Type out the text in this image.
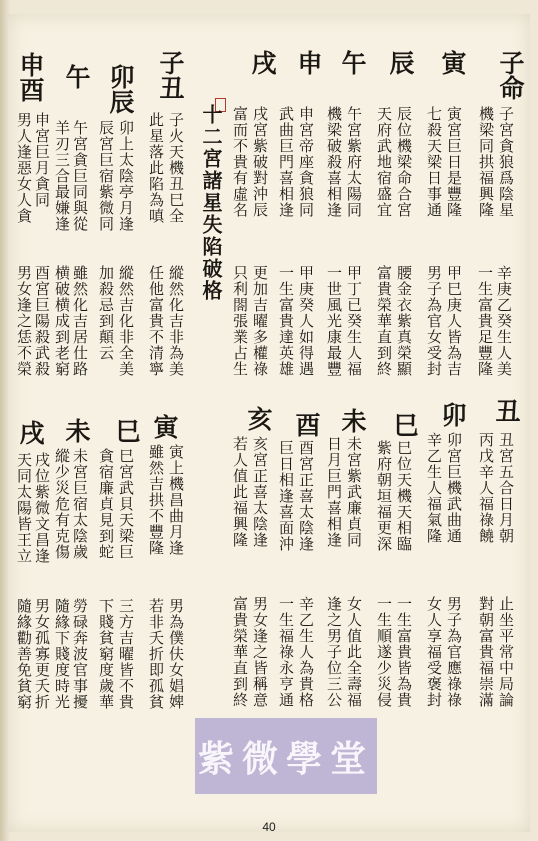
子命
子宮貪狼爲陰星
機梁同拱福興隆
辛庚乙癸生人美
一生富貴足豐隆
寅
寅宮巨日是豐隆
七殺天梁日事通
甲巳庚人皆為吉
男子為官女受封
辰
辰位機梁命合宮
天府武地宿盛宜
腰金衣紫真榮顯
富貴榮華直到終
午
午宮紫府太陽同
機梁破殺喜相逢
甲丁已癸生人福
一世風光康最豐
申
申宮帝座貪狼同
武曲巨門喜相逢
甲庚癸人如得遇
一生富貴達英雄
戌
戌宮紫破對沖辰
富而不貴有虛名
更加吉曜多權祿
只利閤張業占生
十二宮諸星失陷破格
子丑
子火天機丑巳全
此星落此陷為嗔
縱然化吉非為美
任他富貴不清寧
卯辰
卯上太陰亭月逢
辰宮巨宿紫微同
縱然吉化非全美
加殺忌到顛云
午
午宮貪巨同與從
羊刃三合最嫌逢
雖然化吉居仕路
横破横成到老窮
申酉
申宮巨月貪同
男人逢惡女人貪
酉宮巨陽殺武殺
男女逢之恁不榮
丑
丑宮五合日月朝
丙戊辛人福祿饒
止坐平常中局論
對朝富貴福崇滿
卯
卯宮巨機武曲通
辛乙生人福氣隆
男子為官應祿祿
女人享福受褒封
巳
巳位天機天相臨
紫府朝垣福更深
一生富貴皆為貴
一生順遂少災侵
未
未宮紫武廉貞同
日月巨門喜相逢
女人值此全壽福
逢之男子位三公
酉
酉宮正喜太陰逢
巨日相逢喜面沖
辛乙生人為貴格
一生福祿永亨通
亥
亥宮正喜太陰逢
若人值此福興隆
男女逢之皆稱意
富貴榮華直到終
寅
寅上機昌曲月逢
雖然吉拱不豐隆
男為僕伕女娼婢
若非夭折即孤貧
巳
巳宮武貝天梁巨
貪宿廉貞見到蛇
三方吉曜皆不貴
下賤貧窮度歲華
未
未宮巨宿太陰歲
縱少災危有克傷
勞碌奔波官事擾
隨緣下賤度時光
戌
戌位紫微文昌逢
天同太陽皆王立
男女孤寡更夭折
隨緣勸善免貧窮
紫微學堂
40
